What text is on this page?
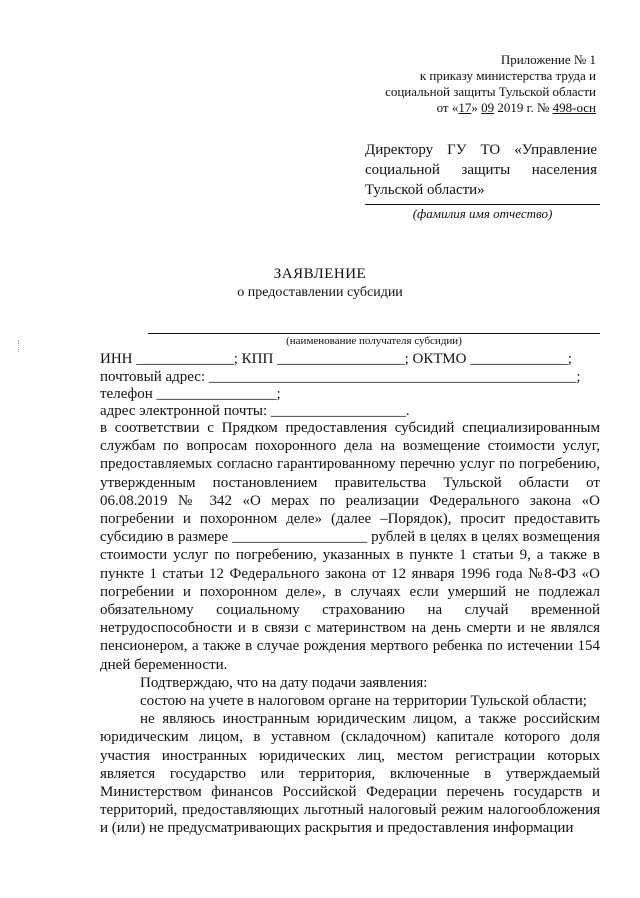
Приложение № 1
к приказу министерства труда и
социальной защиты Тульской области
от «17» 09 2019 г. № 498-осн
Директору ГУ ТО «Управление
социальной защиты населения
Тульской области»
(фамилия имя отчество)
ЗАЯВЛЕНИЕ
о предоставлении субсидии
(наименование получателя субсидии)
ИНН _____________; КПП _________________; ОКТМО _____________;
почтовый адрес: _________________________________________________;
телефон ________________;
адрес электронной почты: __________________.

в соответствии с Прядком предоставления субсидий специализированным службам по вопросам похоронного дела на возмещение стоимости услуг, предоставляемых согласно гарантированному перечню услуг по погребению, утвержденным постановлением правительства Тульской области от 06.08.2019 № 342 «О мерах по реализации Федерального закона «О погребении и похоронном деле» (далее –Порядок), просит предоставить субсидию в размере __________________ рублей в целях в целях возмещения стоимости услуг по погребению, указанных в пункте 1 статьи 9, а также в пункте 1 статьи 12 Федерального закона от 12 января 1996 года №8-ФЗ «О погребении и похоронном деле», в случаях если умерший не подлежал обязательному социальному страхованию на случай временной нетрудоспособности и в связи с материнством на день смерти и не являлся пенсионером, а также в случае рождения мертвого ребенка по истечении 154 дней беременности.

Подтверждаю, что на дату подачи заявления:

состою на учете в налоговом органе на территории Тульской области;

не являюсь иностранным юридическим лицом, а также российским юридическим лицом, в уставном (складочном) капитале которого доля участия иностранных юридических лиц, местом регистрации которых является государство или территория, включенные в утверждаемый Министерством финансов Российской Федерации перечень государств и территорий, предоставляющих льготный налоговый режим налогообложения и (или) не предусматривающих раскрытия и предоставления информации
